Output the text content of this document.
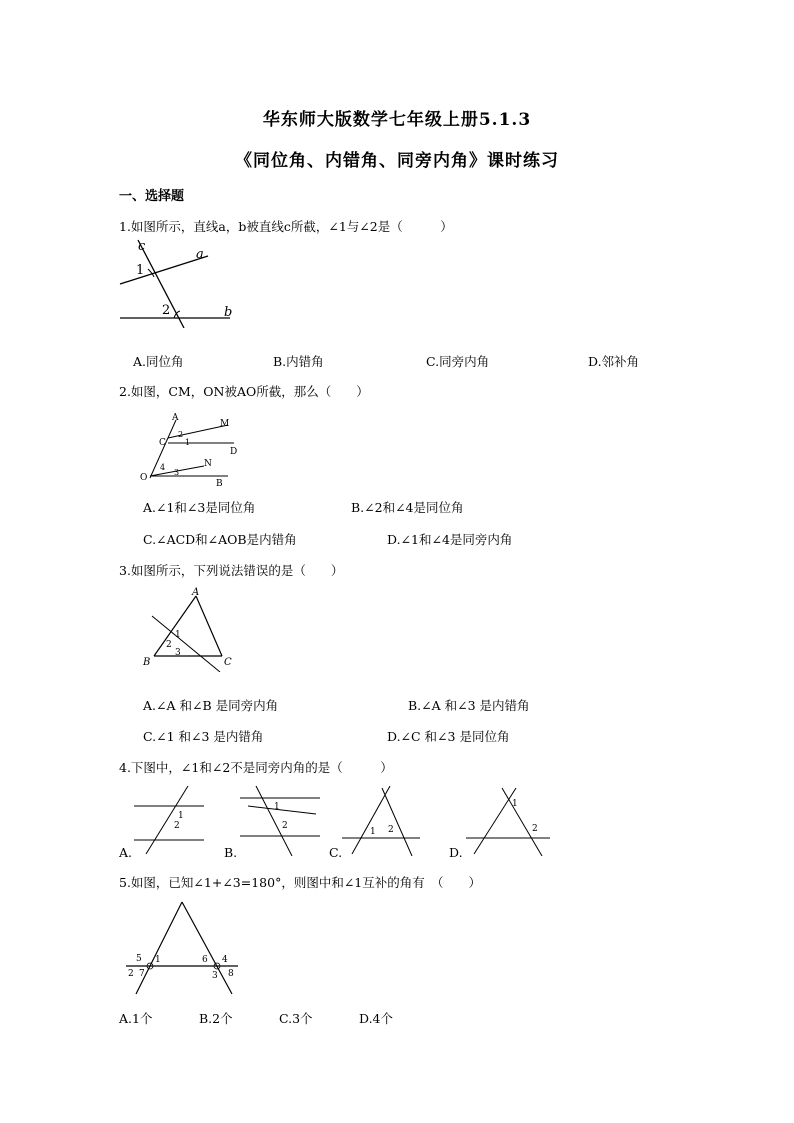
华东师大版数学七年级上册5.1.3
《同位角、内错角、同旁内角》课时练习
一、选择题
1.如图所示，直线a，b被直线c所截，∠1与∠2是（　　　）
c
a
b
1
2
A.同位角	B.内错角	C.同旁内角	D.邻补角
2.如图，CM，ON被AO所截，那么（　　）
A
M
C
D
O
N
B
2
1
4
3
A.∠1和∠3是同位角	B.∠2和∠4是同位角
C.∠ACD和∠AOB是内错角	D.∠1和∠4是同旁内角
3.如图所示，下列说法错误的是（　　）
A
B	C
1
2
3
A.∠A 和∠B 是同旁内角	B.∠A 和∠3 是内错角
C.∠1 和∠3 是内错角	D.∠C 和∠3 是同位角
4.下图中，∠1和∠2不是同旁内角的是（　　　）
1
2
A.
1
2
B.
1 2
C.
1
2
D.
5.如图，已知∠1+∠3=180°，则图中和∠1互补的角有　（　　）
5 1
2 7
6 4
3 8
A.1个	B.2个	C.3个	D.4个
